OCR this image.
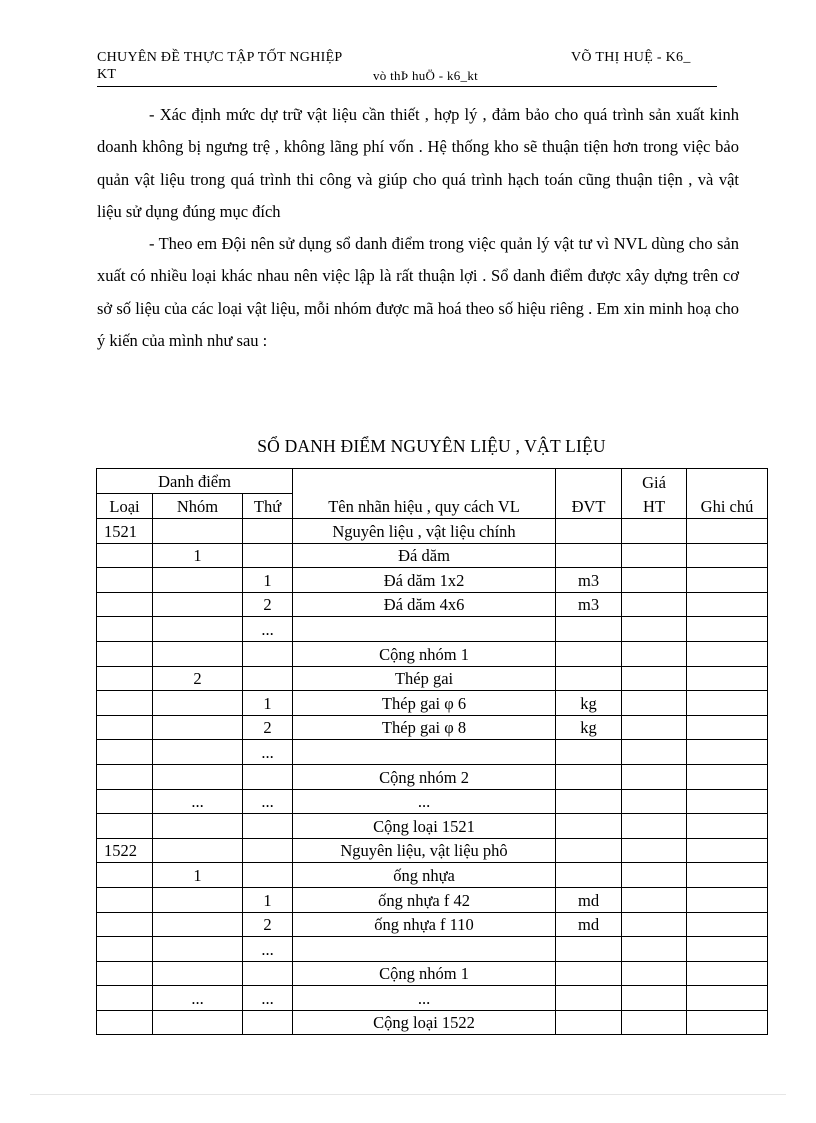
CHUYÊN ĐỀ THỰC TẬP TỐT NGHIỆP	VÕ THỊ HUỆ - K6_
KT	vò thÞ huÖ - k6_kt

- Xác định mức dự trữ vật liệu cần thiết , hợp lý , đảm bảo cho quá trình sản xuất kinh doanh không bị ngưng trệ , không lãng phí vốn . Hệ thống kho sẽ thuận tiện hơn trong việc bảo quản vật liệu trong quá trình thi công và giúp cho quá trình hạch toán cũng thuận tiện , và vật liệu sử dụng đúng mục đích

- Theo em Đội nên sử dụng sổ danh điểm trong việc quản lý vật tư vì NVL dùng cho sản xuất có nhiều loại khác nhau nên việc lập là rất thuận lợi . Sổ danh điểm được xây dựng trên cơ sở số liệu của các loại vật liệu, mỗi nhóm được mã hoá theo số hiệu riêng . Em xin minh hoạ cho ý kiến của mình như sau :

SỔ DANH ĐIỂM NGUYÊN LIỆU , VẬT LIỆU
Danh điểm					Giá	
Loại	Nhóm	Thứ	Tên nhãn hiệu , quy cách VL	ĐVT	HT	Ghi chú
1521			Nguyên liệu , vật liệu chính			
	1		Đá dăm			
		1	Đá dăm 1x2	m3		
		2	Đá dăm 4x6	m3		
		...				
			Cộng nhóm 1			
	2		Thép gai			
		1	Thép gai φ 6	kg		
		2	Thép gai φ 8	kg		
		...				
			Cộng nhóm 2			
	...	...	...			
			Cộng loại 1521			
1522			Nguyên liệu, vật liệu phô			
	1		ống nhựa			
		1	ống nhựa f 42	md		
		2	ống nhựa f 110	md		
		...				
			Cộng nhóm 1			
	...	...	...			
			Cộng loại 1522			
